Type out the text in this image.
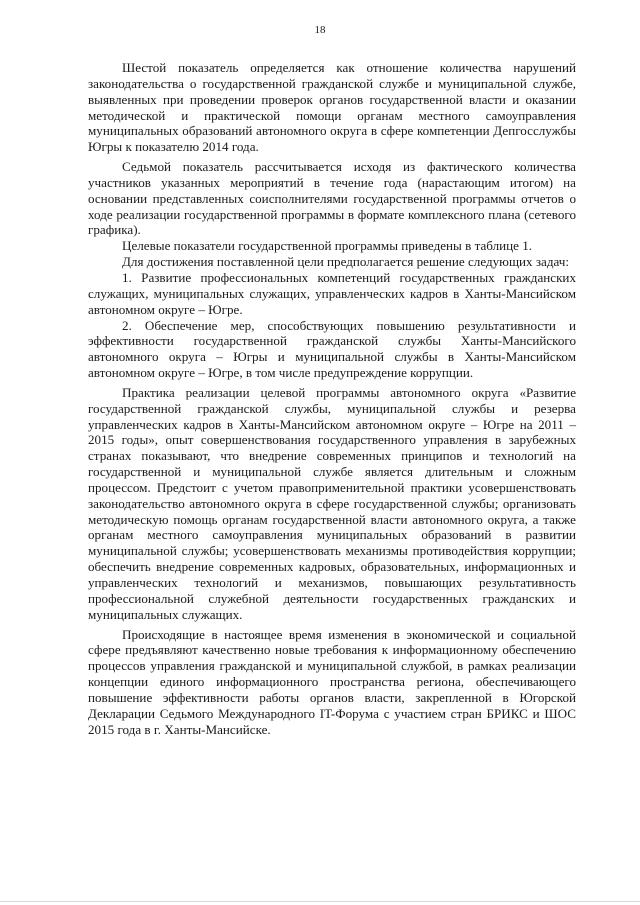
18

Шестой показатель определяется как отношение количества нарушений законодательства о государственной гражданской службе и муниципальной службе, выявленных при проведении проверок органов государственной власти и оказании методической и практической помощи органам местного самоуправления муниципальных образований автономного округа в сфере компетенции Депгосслужбы Югры к показателю 2014 года.

Седьмой показатель рассчитывается исходя из фактического количества участников указанных мероприятий в течение года (нарастающим итогом) на основании представленных соисполнителями государственной программы отчетов о ходе реализации государственной программы в формате комплексного плана (сетевого графика).

Целевые показатели государственной программы приведены в таблице 1.

Для достижения поставленной цели предполагается решение следующих задач:

1. Развитие профессиональных компетенций государственных гражданских служащих, муниципальных служащих, управленческих кадров в Ханты-Мансийском автономном округе – Югре.

2. Обеспечение мер, способствующих повышению результативности и эффективности государственной гражданской службы Ханты-Мансийского автономного округа – Югры и муниципальной службы в Ханты-Мансийском автономном округе – Югре, в том числе предупреждение коррупции.

Практика реализации целевой программы автономного округа «Развитие государственной гражданской службы, муниципальной службы и резерва управленческих кадров в Ханты-Мансийском автономном округе – Югре на 2011 – 2015 годы», опыт совершенствования государственного управления в зарубежных странах показывают, что внедрение современных принципов и технологий на государственной и муниципальной службе является длительным и сложным процессом. Предстоит с учетом правоприменительной практики усовершенствовать законодательство автономного округа в сфере государственной службы; организовать методическую помощь органам государственной власти автономного округа, а также органам местного самоуправления муниципальных образований в развитии муниципальной службы; усовершенствовать механизмы противодействия коррупции; обеспечить внедрение современных кадровых, образовательных, информационных и управленческих технологий и механизмов, повышающих результативность профессиональной служебной деятельности государственных гражданских и муниципальных служащих.

Происходящие в настоящее время изменения в экономической и социальной сфере предъявляют качественно новые требования к информационному обеспечению процессов управления гражданской и муниципальной службой, в рамках реализации концепции единого информационного пространства региона, обеспечивающего повышение эффективности работы органов власти, закрепленной в Югорской Декларации Седьмого Международного IT-Форума с участием стран БРИКС и ШОС 2015 года в г. Ханты-Мансийске.
